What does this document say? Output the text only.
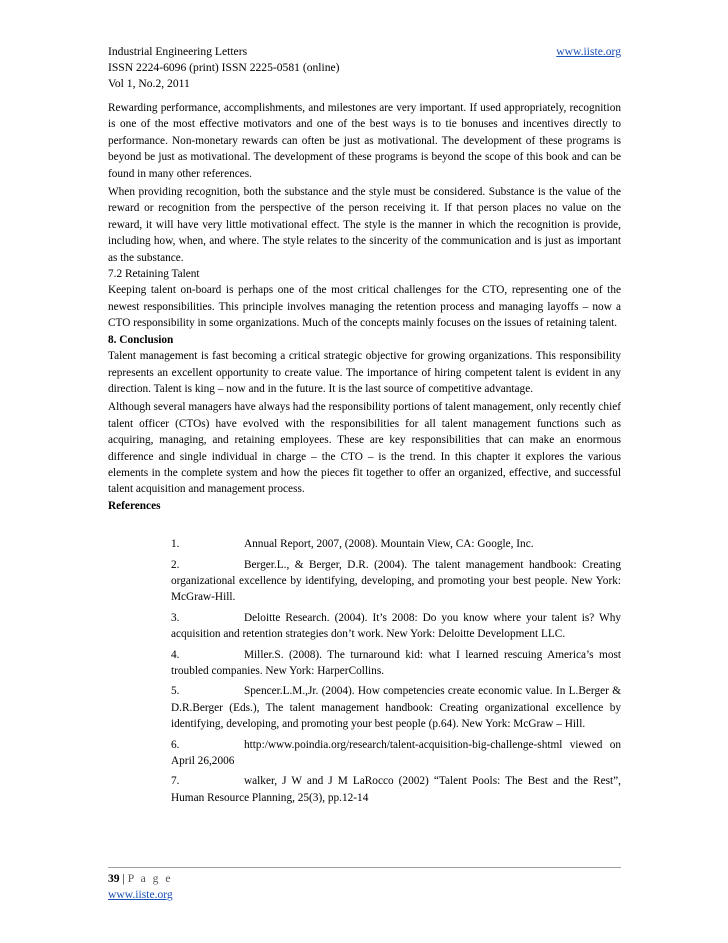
Industrial Engineering Letters	www.iiste.org
ISSN 2224-6096 (print) ISSN 2225-0581 (online)
Vol 1, No.2, 2011

Rewarding performance, accomplishments, and milestones are very important. If used appropriately, recognition is one of the most effective motivators and one of the best ways is to tie bonuses and incentives directly to performance. Non-monetary rewards can often be just as motivational. The development of these programs is beyond be just as motivational. The development of these programs is beyond the scope of this book and can be found in many other references.

When providing recognition, both the substance and the style must be considered. Substance is the value of the reward or recognition from the perspective of the person receiving it. If that person places no value on the reward, it will have very little motivational effect. The style is the manner in which the recognition is provide, including how, when, and where. The style relates to the sincerity of the communication and is just as important as the substance.

7.2 Retaining Talent

Keeping talent on-board is perhaps one of the most critical challenges for the CTO, representing one of the newest responsibilities. This principle involves managing the retention process and managing layoffs – now a CTO responsibility in some organizations. Much of the concepts mainly focuses on the issues of retaining talent.

8. Conclusion

Talent management is fast becoming a critical strategic objective for growing organizations. This responsibility represents an excellent opportunity to create value. The importance of hiring competent talent is evident in any direction. Talent is king – now and in the future. It is the last source of competitive advantage.

Although several managers have always had the responsibility portions of talent management, only recently chief talent officer (CTOs) have evolved with the responsibilities for all talent management functions such as acquiring, managing, and retaining employees. These are key responsibilities that can make an enormous difference and single individual in charge – the CTO – is the trend. In this chapter it explores the various elements in the complete system and how the pieces fit together to offer an organized, effective, and successful talent acquisition and management process.

References

1.	Annual Report, 2007, (2008). Mountain View, CA: Google, Inc.
2.	Berger.L., & Berger, D.R. (2004). The talent management handbook: Creating organizational excellence by identifying, developing, and promoting your best people. New York: McGraw-Hill.
3.	Deloitte Research. (2004). It’s 2008: Do you know where your talent is? Why acquisition and retention strategies don’t work. New York: Deloitte Development LLC.
4.	Miller.S. (2008). The turnaround kid: what I learned rescuing America’s most troubled companies. New York: HarperCollins.
5.	Spencer.L.M.,Jr. (2004). How competencies create economic value. In L.Berger & D.R.Berger (Eds.), The talent management handbook: Creating organizational excellence by identifying, developing, and promoting your best people (p.64). New York: McGraw – Hill.
6.	http:/www.poindia.org/research/talent-acquisition-big-challenge-shtml viewed on April 26,2006
7.	walker, J W and J M LaRocco (2002) “Talent Pools: The Best and the Rest”, Human Resource Planning, 25(3), pp.12-14
39 | P a g e
www.iiste.org
